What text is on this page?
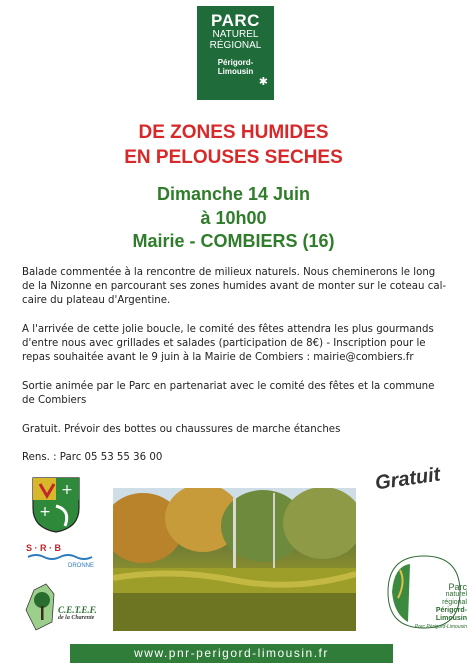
PARC
NATUREL
RÉGIONAL
Périgord-
Limousin
✱
DE ZONES HUMIDES
EN PELOUSES SECHES
Dimanche 14 Juin
à 10h00
Mairie - COMBIERS (16)
Balade commentée à la rencontre de milieux naturels. Nous cheminerons le long
de la Nizonne en parcourant ses zones humides avant de monter sur le coteau cal-
caire du plateau d'Argentine.
A l'arrivée de cette jolie boucle, le comité des fêtes attendra les plus gourmands
d'entre nous avec grillades et salades (participation de 8€) - Inscription pour le
repas souhaitée avant le 9 juin à la Mairie de Combiers : mairie@combiers.fr
Sortie animée par le Parc en partenariat avec le comité des fêtes et la commune
de Combiers
Gratuit. Prévoir des bottes ou chaussures de marche étanches
Rens. : Parc 05 53 55 36 00
Gratuit
+
+
S · R · B
DRONNE
C.E.T.E.F.
de la Charente
Parc
naturel
régional
Périgord-Limousin
Parc Périgord-Limousin
www.pnr-perigord-limousin.fr
